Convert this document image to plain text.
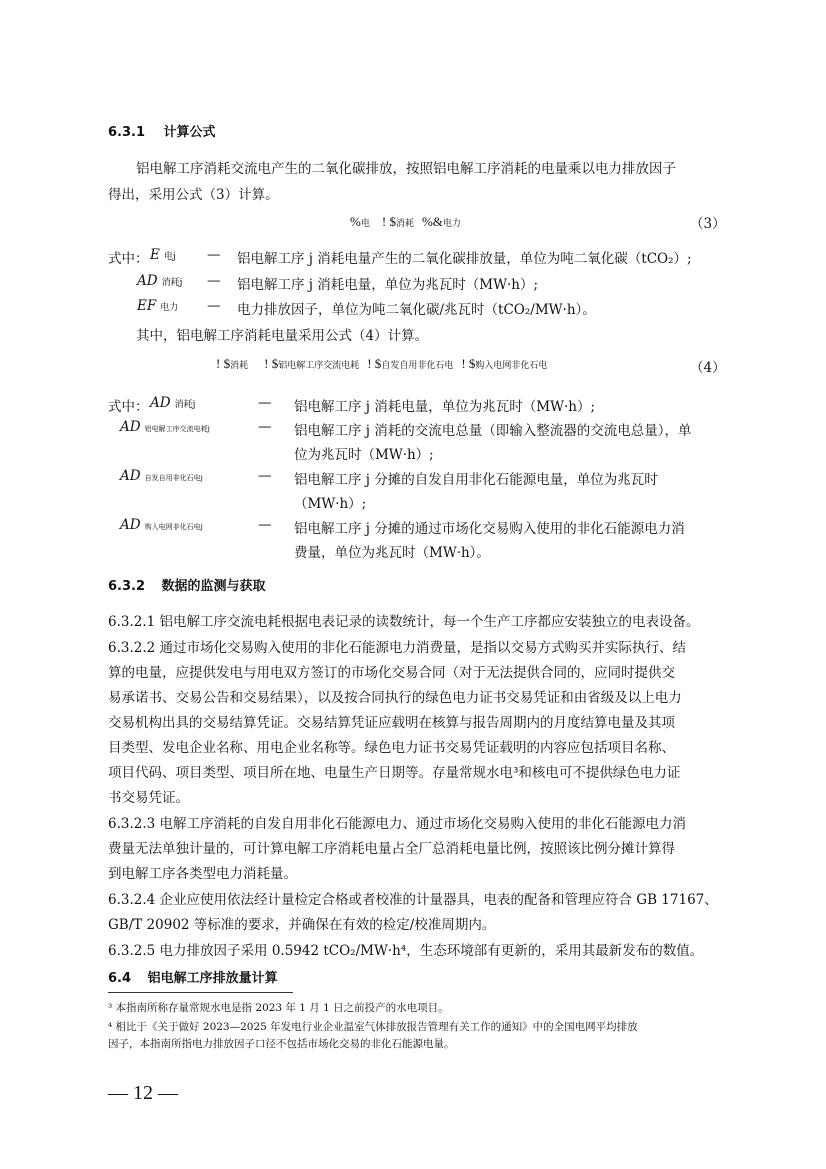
6.3.1 计算公式
铝电解工序消耗交流电产生的二氧化碳排放，按照铝电解工序消耗的电量乘以电力排放因子
得出，采用公式（3）计算。
%电 ! $消耗 %&电力	（3）
式中： E电j — 铝电解工序 j 消耗电量产生的二氧化碳排放量，单位为吨二氧化碳（tCO₂）;
AD 消耗j — 铝电解工序 j 消耗电量，单位为兆瓦时（MW·h）;
EF 电力 — 电力排放因子，单位为吨二氧化碳/兆瓦时（tCO₂/MW·h）。
其中，铝电解工序消耗电量采用公式（4）计算。
! $消耗 ! $铝电解工序交流电耗 ! $自发自用非化石电 ! $购入电网非化石电	（4）
式中： AD 消耗j	— 铝电解工序 j 消耗电量，单位为兆瓦时（MW·h）;
AD 铝电解工序交流电耗j	— 铝电解工序 j 消耗的交流电总量（即输入整流器的交流电总量），单
位为兆瓦时（MW·h）;
AD 自发自用非化石电j	— 铝电解工序 j 分摊的自发自用非化石能源电量，单位为兆瓦时
（MW·h）;
AD 购入电网非化石电j	— 铝电解工序 j 分摊的通过市场化交易购入使用的非化石能源电力消
费量，单位为兆瓦时（MW·h）。
6.3.2 数据的监测与获取
6.3.2.1 铝电解工序交流电耗根据电表记录的读数统计，每一个生产工序都应安装独立的电表设备。
6.3.2.2 通过市场化交易购入使用的非化石能源电力消费量，是指以交易方式购买并实际执行、结
算的电量，应提供发电与用电双方签订的市场化交易合同（对于无法提供合同的，应同时提供交
易承诺书、交易公告和交易结果），以及按合同执行的绿色电力证书交易凭证和由省级及以上电力
交易机构出具的交易结算凭证。交易结算凭证应载明在核算与报告周期内的月度结算电量及其项
目类型、发电企业名称、用电企业名称等。绿色电力证书交易凭证载明的内容应包括项目名称、
项目代码、项目类型、项目所在地、电量生产日期等。存量常规水电³和核电可不提供绿色电力证
书交易凭证。
6.3.2.3 电解工序消耗的自发自用非化石能源电力、通过市场化交易购入使用的非化石能源电力消
费量无法单独计量的，可计算电解工序消耗电量占全厂总消耗电量比例，按照该比例分摊计算得
到电解工序各类型电力消耗量。
6.3.2.4 企业应使用依法经计量检定合格或者校准的计量器具，电表的配备和管理应符合 GB 17167、
GB/T 20902 等标准的要求，并确保在有效的检定/校准周期内。
6.3.2.5 电力排放因子采用 0.5942 tCO₂/MW·h⁴，生态环境部有更新的，采用其最新发布的数值。
6.4 铝电解工序排放量计算
³ 本指南所称存量常规水电是指 2023 年 1 月 1 日之前投产的水电项目。
⁴ 相比于《关于做好 2023—2025 年发电行业企业温室气体排放报告管理有关工作的通知》中的全国电网平均排放
因子，本指南所指电力排放因子口径不包括市场化交易的非化石能源电量。
— 12 —
